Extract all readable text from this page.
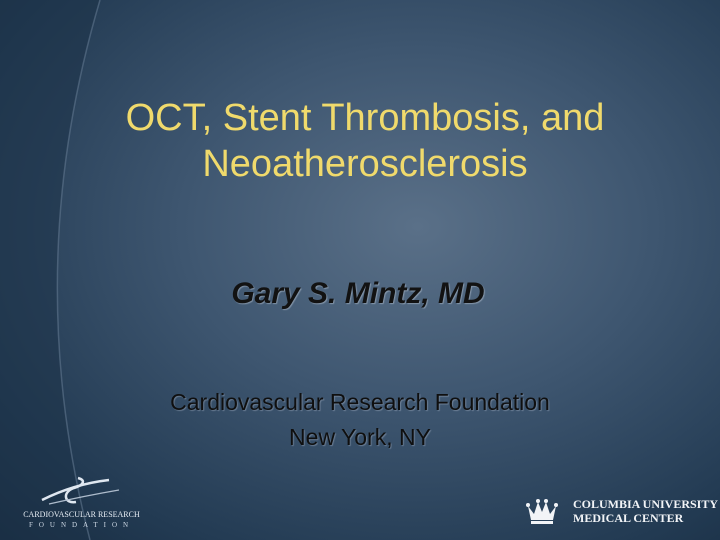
OCT, Stent Thrombosis, and
Neoatherosclerosis
Gary S. Mintz, MD
Cardiovascular Research Foundation
New York, NY
CARDIOVASCULAR RESEARCH
FOUNDATION
COLUMBIA UNIVERSITY
MEDICAL CENTER
